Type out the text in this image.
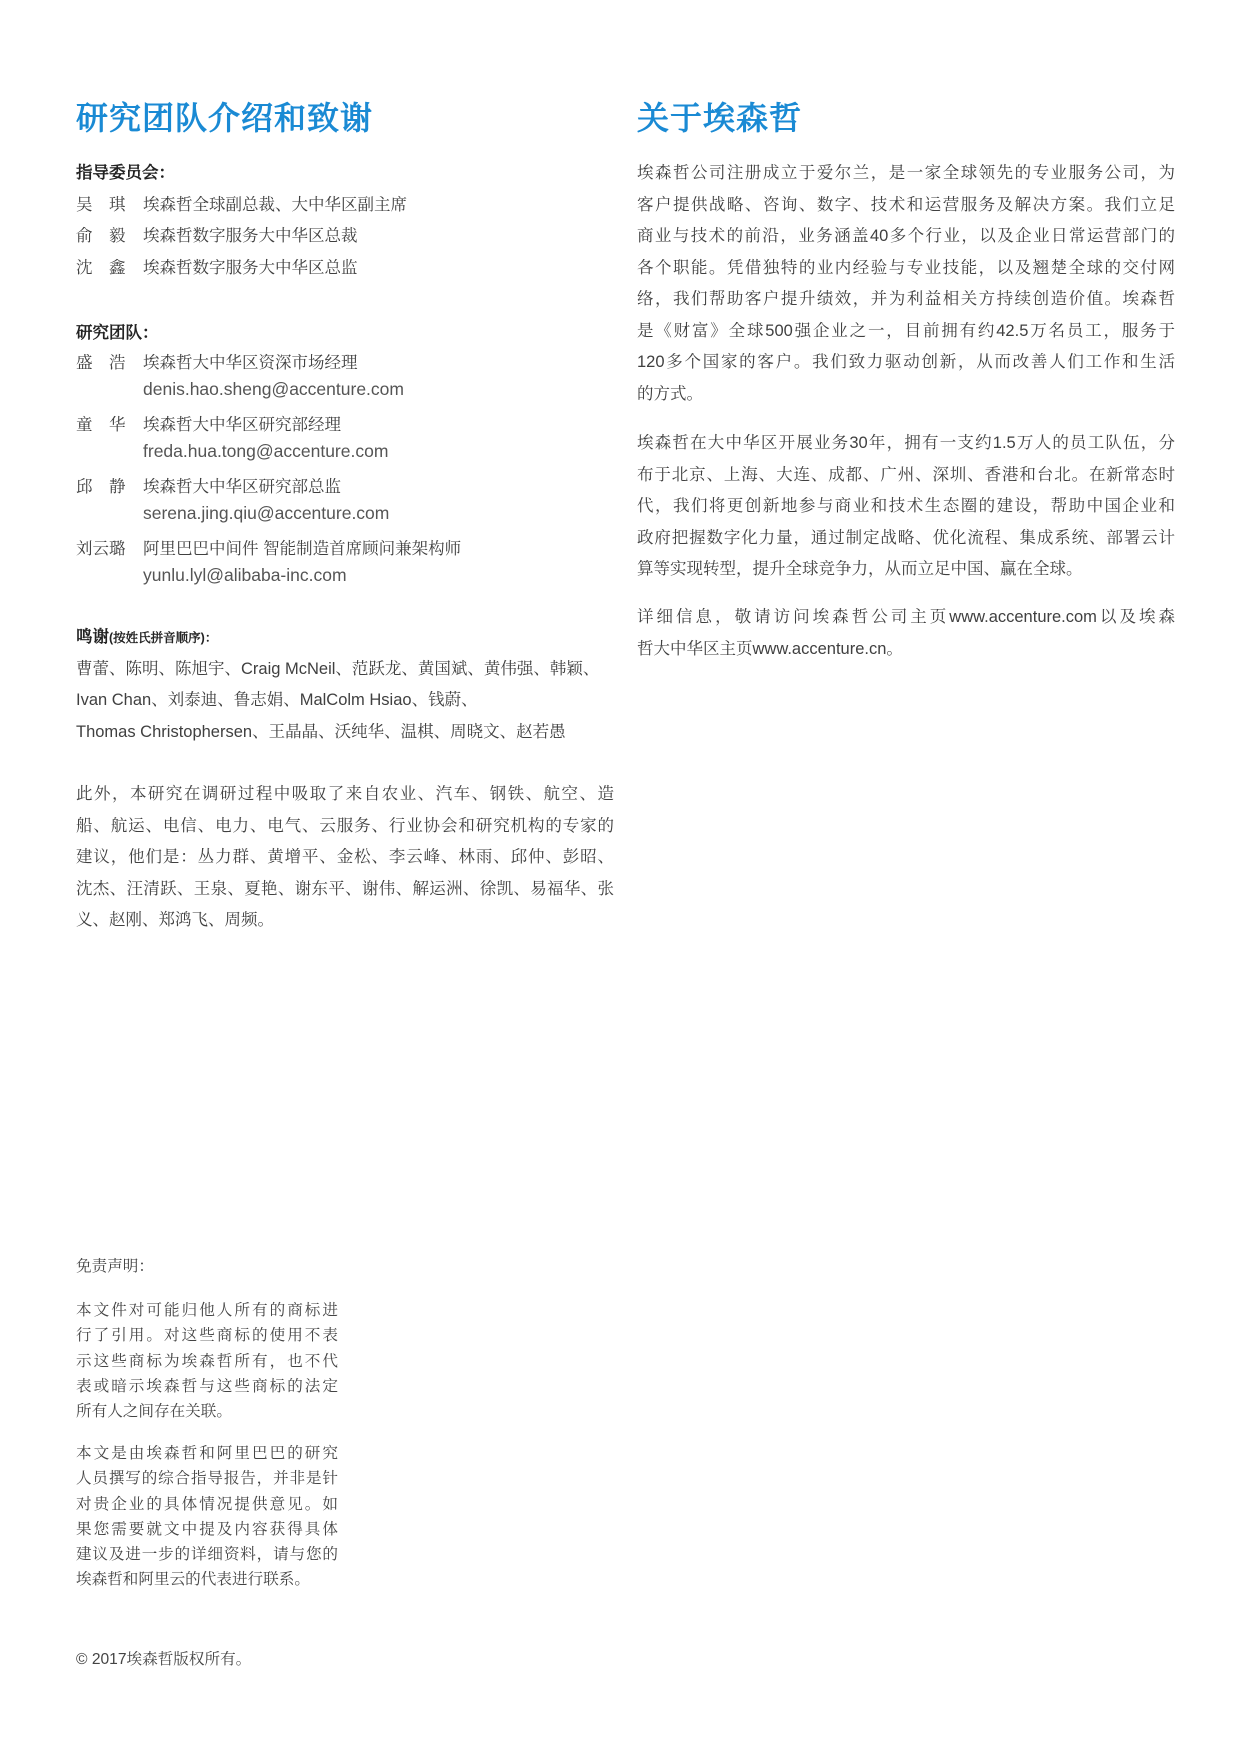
研究团队介绍和致谢
指导委员会：
吴　琪	埃森哲全球副总裁、大中华区副主席
俞　毅	埃森哲数字服务大中华区总裁
沈　鑫	埃森哲数字服务大中华区总监
研究团队：
盛　浩	埃森哲大中华区资深市场经理
denis.hao.sheng@accenture.com
童　华	埃森哲大中华区研究部经理
freda.hua.tong@accenture.com
邱　静	埃森哲大中华区研究部总监
serena.jing.qiu@accenture.com
刘云璐	阿里巴巴中间件 智能制造首席顾问兼架构师
yunlu.lyl@alibaba-inc.com
鸣谢(按姓氏拼音顺序)：
曹蕾、陈明、陈旭宇、Craig McNeil、范跃龙、黄国斌、黄伟强、韩颖、
Ivan Chan、刘泰迪、鲁志娟、MalColm Hsiao、钱蔚、
Thomas Christophersen、王晶晶、沃纯华、温棋、周晓文、赵若愚
此外，本研究在调研过程中吸取了来自农业、汽车、钢铁、航空、造
船、航运、电信、电力、电气、云服务、行业协会和研究机构的专家的
建议，他们是：丛力群、黄增平、金松、李云峰、林雨、邱仲、彭昭、
沈杰、汪清跃、王泉、夏艳、谢东平、谢伟、解运洲、徐凯、易福华、张
义、赵刚、郑鸿飞、周频。
关于埃森哲
埃森哲公司注册成立于爱尔兰，是一家全球领先的专业服务公司，为
客户提供战略、咨询、数字、技术和运营服务及解决方案。我们立足
商业与技术的前沿，业务涵盖40多个行业，以及企业日常运营部门的
各个职能。凭借独特的业内经验与专业技能，以及翘楚全球的交付网
络，我们帮助客户提升绩效，并为利益相关方持续创造价值。埃森哲
是《财富》全球500强企业之一，目前拥有约42.5万名员工，服务于
120多个国家的客户。我们致力驱动创新，从而改善人们工作和生活
的方式。
埃森哲在大中华区开展业务30年，拥有一支约1.5万人的员工队伍，分
布于北京、上海、大连、成都、广州、深圳、香港和台北。在新常态时
代，我们将更创新地参与商业和技术生态圈的建设，帮助中国企业和
政府把握数字化力量，通过制定战略、优化流程、集成系统、部署云计
算等实现转型，提升全球竞争力，从而立足中国、赢在全球。
详细信息，敬请访问埃森哲公司主页www.accenture.com以及埃森
哲大中华区主页www.accenture.cn。
免责声明：
本文件对可能归他人所有的商标进
行了引用。对这些商标的使用不表
示这些商标为埃森哲所有，也不代
表或暗示埃森哲与这些商标的法定
所有人之间存在关联。
本文是由埃森哲和阿里巴巴的研究
人员撰写的综合指导报告，并非是针
对贵企业的具体情况提供意见。如
果您需要就文中提及内容获得具体
建议及进一步的详细资料，请与您的
埃森哲和阿里云的代表进行联系。
© 2017埃森哲版权所有。
